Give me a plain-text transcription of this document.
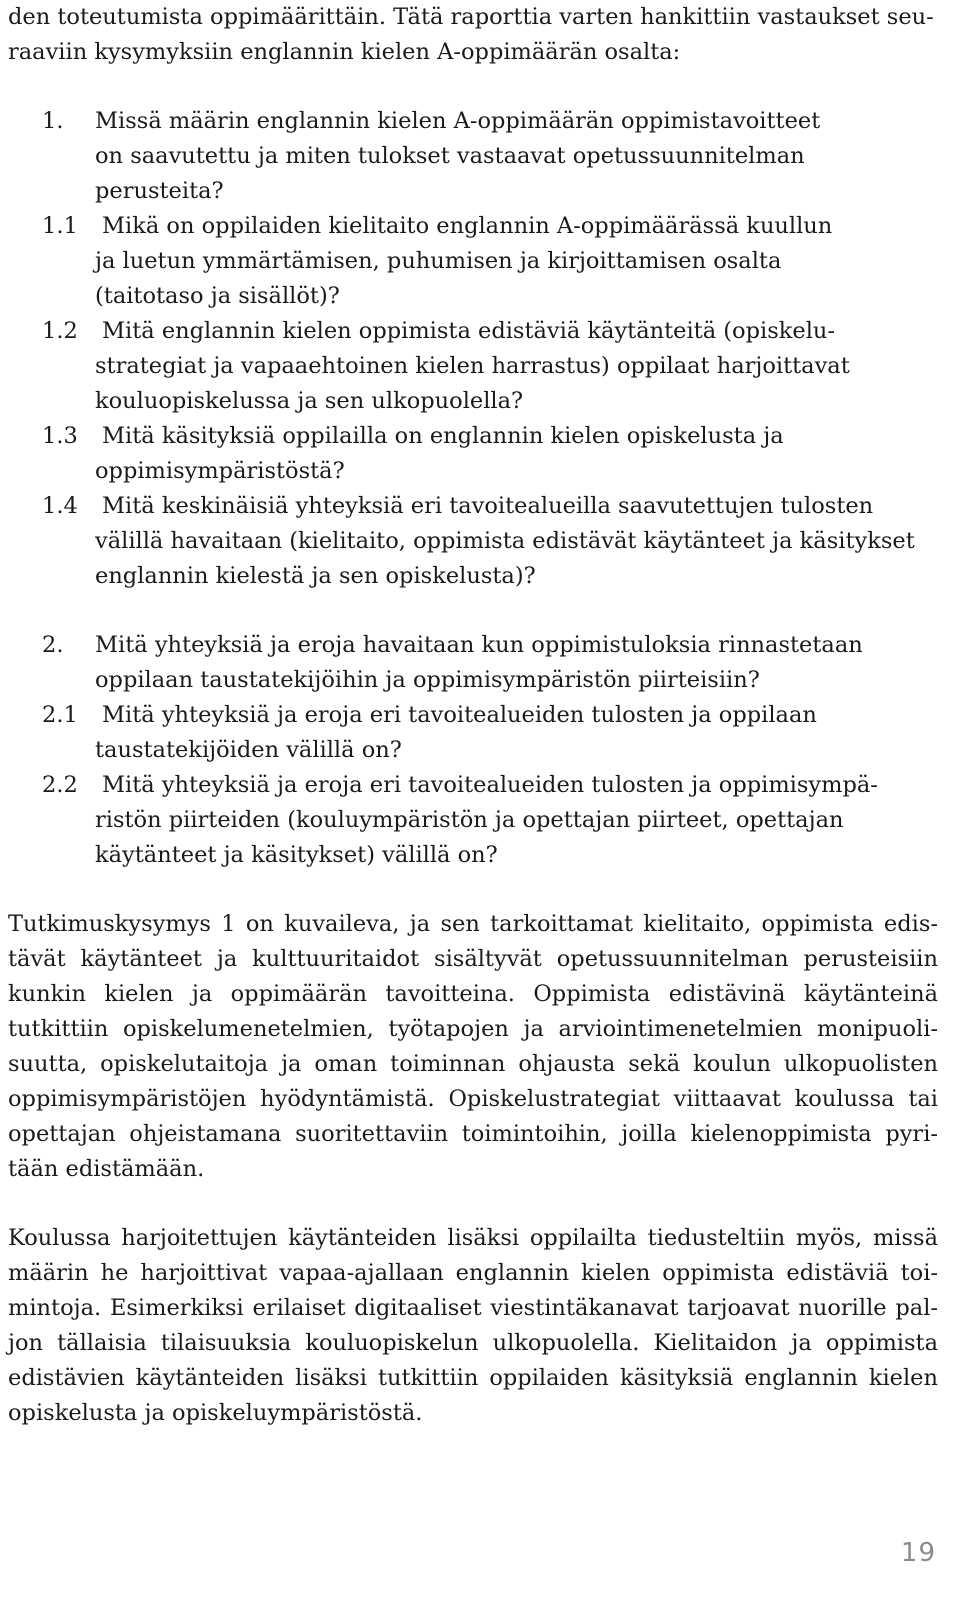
den toteutumista oppimäärittäin. Tätä raporttia varten hankittiin vastaukset seu-
raaviin kysymyksiin englannin kielen A-oppimäärän osalta:
1. Missä määrin englannin kielen A-oppimäärän oppimistavoitteet
on saavutettu ja miten tulokset vastaavat opetussuunnitelman
perusteita?
1.1 Mikä on oppilaiden kielitaito englannin A-oppimäärässä kuullun
ja luetun ymmärtämisen, puhumisen ja kirjoittamisen osalta
(taitotaso ja sisällöt)?
1.2 Mitä englannin kielen oppimista edistäviä käytänteitä (opiskelu-
strategiat ja vapaaehtoinen kielen harrastus) oppilaat harjoittavat
kouluopiskelussa ja sen ulkopuolella?
1.3 Mitä käsityksiä oppilailla on englannin kielen opiskelusta ja
oppimisympäristöstä?
1.4 Mitä keskinäisiä yhteyksiä eri tavoitealueilla saavutettujen tulosten
välillä havaitaan (kielitaito, oppimista edistävät käytänteet ja käsitykset
englannin kielestä ja sen opiskelusta)?
2. Mitä yhteyksiä ja eroja havaitaan kun oppimistuloksia rinnastetaan
oppilaan taustatekijöihin ja oppimisympäristön piirteisiin?
2.1 Mitä yhteyksiä ja eroja eri tavoitealueiden tulosten ja oppilaan
taustatekijöiden välillä on?
2.2 Mitä yhteyksiä ja eroja eri tavoitealueiden tulosten ja oppimisympä-
ristön piirteiden (kouluympäristön ja opettajan piirteet, opettajan
käytänteet ja käsitykset) välillä on?
Tutkimuskysymys 1 on kuvaileva, ja sen tarkoittamat kielitaito, oppimista edis-
tävät käytänteet ja kulttuuritaidot sisältyvät opetussuunnitelman perusteisiin
kunkin kielen ja oppimäärän tavoitteina. Oppimista edistävinä käytänteinä
tutkittiin opiskelumenetelmien, työtapojen ja arviointimenetelmien monipuoli-
suutta, opiskelutaitoja ja oman toiminnan ohjausta sekä koulun ulkopuolisten
oppimisympäristöjen hyödyntämistä. Opiskelustrategiat viittaavat koulussa tai
opettajan ohjeistamana suoritettaviin toimintoihin, joilla kielenoppimista pyri-
tään edistämään.
Koulussa harjoitettujen käytänteiden lisäksi oppilailta tiedusteltiin myös, missä
määrin he harjoittivat vapaa-ajallaan englannin kielen oppimista edistäviä toi-
mintoja. Esimerkiksi erilaiset digitaaliset viestintäkanavat tarjoavat nuorille pal-
jon tällaisia tilaisuuksia kouluopiskelun ulkopuolella. Kielitaidon ja oppimista
edistävien käytänteiden lisäksi tutkittiin oppilaiden käsityksiä englannin kielen
opiskelusta ja opiskeluympäristöstä.
19
